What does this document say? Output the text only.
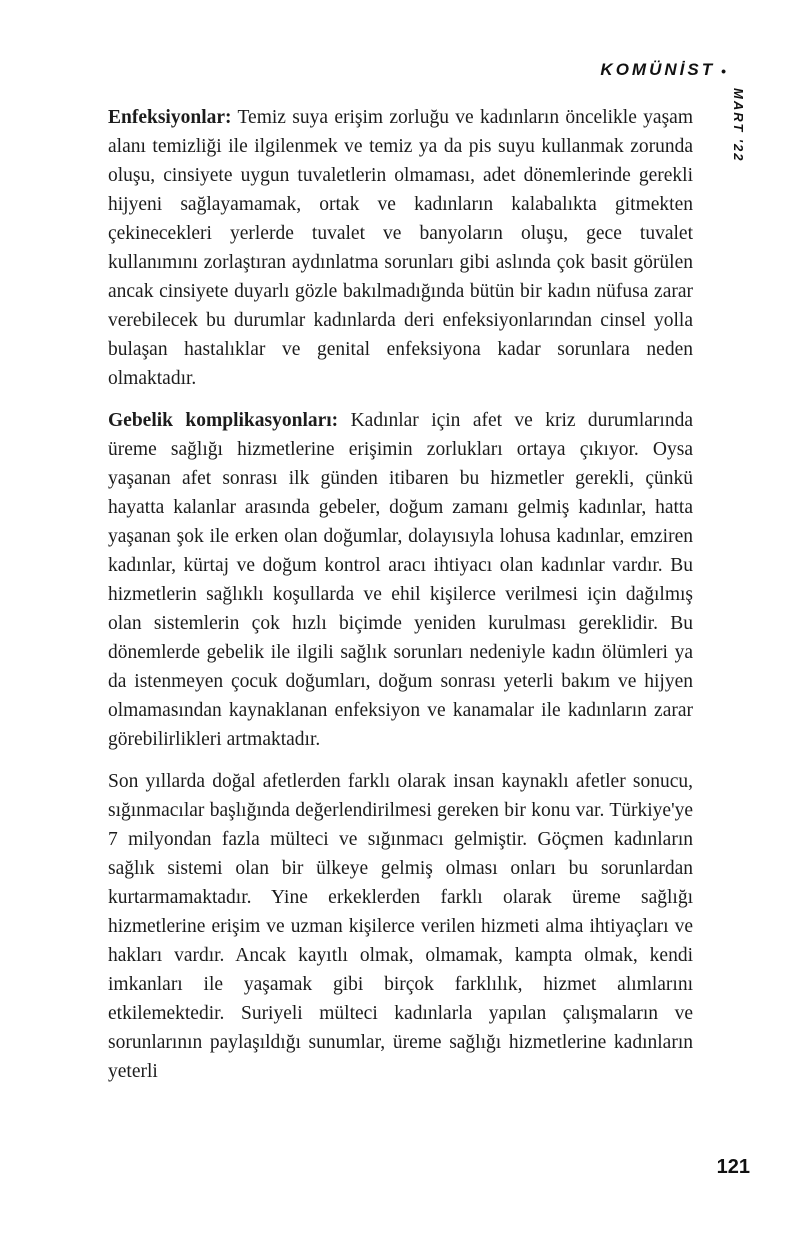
KOMÜNİST •
MART '22

Enfeksiyonlar: Temiz suya erişim zorluğu ve kadınların öncelikle yaşam alanı temizliği ile ilgilenmek ve temiz ya da pis suyu kullanmak zorunda oluşu, cinsiyete uygun tuvaletlerin olmaması, adet dönemlerinde gerekli hijyeni sağlayamamak, ortak ve kadınların kalabalıkta gitmekten çekinecekleri yerlerde tuvalet ve banyoların oluşu, gece tuvalet kullanımını zorlaştıran aydınlatma sorunları gibi aslında çok basit görülen ancak cinsiyete duyarlı gözle bakılmadığında bütün bir kadın nüfusa zarar verebilecek bu durumlar kadınlarda deri enfeksiyonlarından cinsel yolla bulaşan hastalıklar ve genital enfeksiyona kadar sorunlara neden olmaktadır.

Gebelik komplikasyonları: Kadınlar için afet ve kriz durumlarında üreme sağlığı hizmetlerine erişimin zorlukları ortaya çıkıyor. Oysa yaşanan afet sonrası ilk günden itibaren bu hizmetler gerekli, çünkü hayatta kalanlar arasında gebeler, doğum zamanı gelmiş kadınlar, hatta yaşanan şok ile erken olan doğumlar, dolayısıyla lohusa kadınlar, emziren kadınlar, kürtaj ve doğum kontrol aracı ihtiyacı olan kadınlar vardır. Bu hizmetlerin sağlıklı koşullarda ve ehil kişilerce verilmesi için dağılmış olan sistemlerin çok hızlı biçimde yeniden kurulması gereklidir. Bu dönemlerde gebelik ile ilgili sağlık sorunları nedeniyle kadın ölümleri ya da istenmeyen çocuk doğumları, doğum sonrası yeterli bakım ve hijyen olmamasından kaynaklanan enfeksiyon ve kanamalar ile kadınların zarar görebilirlikleri artmaktadır.

Son yıllarda doğal afetlerden farklı olarak insan kaynaklı afetler sonucu, sığınmacılar başlığında değerlendirilmesi gereken bir konu var. Türkiye'ye 7 milyondan fazla mülteci ve sığınmacı gelmiştir. Göçmen kadınların sağlık sistemi olan bir ülkeye gelmiş olması onları bu sorunlardan kurtarmamaktadır. Yine erkeklerden farklı olarak üreme sağlığı hizmetlerine erişim ve uzman kişilerce verilen hizmeti alma ihtiyaçları ve hakları vardır. Ancak kayıtlı olmak, olmamak, kampta olmak, kendi imkanları ile yaşamak gibi birçok farklılık, hizmet alımlarını etkilemektedir. Suriyeli mülteci kadınlarla yapılan çalışmaların ve sorunlarının paylaşıldığı sunumlar, üreme sağlığı hizmetlerine kadınların yeterli

121
